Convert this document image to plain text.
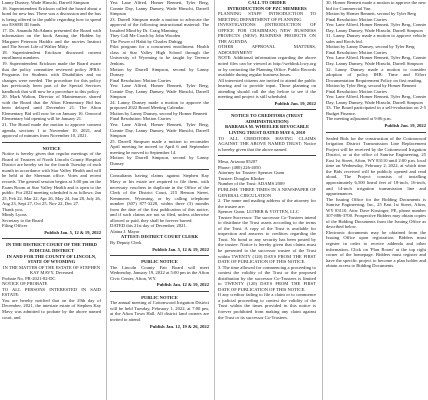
Lanny Dunsey, Wade Hinschi, Darrell Simpson

16. Superintendent Erickson called the board about a bond for new bus. There was a discussion and the bus is being offered to the public regarding how to spend our ESSER III funds.

17. Dr. Amanda McAdams presented the Board with information on the book Among the Hidden by Margaret Peterson Haddix and the movies Instinct and The Secret Life of Walter Mitty.

18. Superintendent Erickson discussed current enrollment numbers.

19. Superintendent Erickson made the Board aware that the policy committee reviewed policy JFBA: Programs for Students with Disabilities and no changes were needed. The procedure for this policy has previously been part of the Special Services handbook that will now be a procedure to this policy.

20. Mark Walton, Director of Maintenance, shared with the Board that the Alton Elementary Bid has been delayed until December 21. The Alton Elementary Bid will now be on January 16. Onwood Elementary bid opening will be January 21.

21. The Board made the motion to approve consent agenda, sections 1 to November 10, 2021, and approval of minutes from November 10, 2021.

NOTICE

Notice is hereby given that regular meetings of the Board of Trustees of North Lincoln County Hospital District are hereby set for the fourth Tuesday of each month in accordance with Star Valley Health and will be held at the Sherman office. Votes and recent records. The general session begins at 3:00 pm on the Exam Room at Star Valley Health and is open to the public. For 2022 meeting scheduled is as follows: Jan 25, Feb 22, Mar 22, Apr 26, May 24, Jun 28, July 26, Aug 23, Sept 27, Oct 25, Nov 22, Dec 27.

Thank you,

Mindy Lyons

Secretary to the Board

Filing Officer

Publish Jan. 5, 12 & 19, 2022

IN THE DISTRICT COURT OF THE THIRD JUDICIAL DISTRICT

IN AND FOR THE COUNTY OF LINCOLN, STATE OF WYOMING

IN THE MATTER OF THE ESTATE OF STEPHEN KAY MAVY, Deceased

Probate No. PR-2021-82-DC

NOTICE OF PROBATE

TO ALL PERSONS INTERESTED IN SAID ESTATE:

You are hereby notified that on the 29th day of December, 2021, the intestate estate of Stephen Kay Mavy was admitted to probate by the above named court, and

Yea: Lane Alfred, Homer Bennett, Tyler Berg, Connie Day, Lanny Dunsey, Wade Hinschi, Darrell Simpson

23. Darrell Simpson made a motion to advocate the approval of the following instructional material: The Insulted Mind by Dr. Craig Manning

They Call Me Coach by John Wooden

The Power of Habit by Charles Duhigg

Pilot program for a concurrent enrollment: Health class at Star Valley High School through the University of Wyoming to be taught by Terence Jenkins.

Motion by Darrell Simpson, second by Lanny Dunsey

Final Resolution: Motion Carries

Yea: Lane Alfred, Homer Bennett, Tyler Berg, Connie Day, Lanny Dunsey, Wade Hinschi, Darrell Simpson

24. Lanny Dunsey made a motion to approve the proposed 2022 Board Meeting Calendar.

Motion by Lanny Dunsey, second by Homer Bennett

Final Resolution: Motion Carries

Yea: Lane Alfred, Homer Bennett, Tyler Berg, Connie Day, Lanny Dunsey, Wade Hinschi, Darrell Simpson

25. Darrell Simpson made a motion to reconsider April meeting be moved to April 6 and September meeting be moved to September 14.

Motion by Darrell Simpson, second by Lanny Dunsey

Consultants having claims against Stephen Kay Mavy or his estate are required to file them, with necessary vouchers in duplicate in the Office of the Clerk of the District Court, 215 Benson Street, Kemmerer, Wyoming, or by calling telephone number (307) 877-3228, within three (3) months from the date of the first publication of this notice, and if such claims are not so filed, unless otherwise allowed or paid, they shall be forever barred.

DATED this 21st day of December, 2021.

Alaina J. Mayor

ATTEST: DISTRICT COURT CLERK

By Deputy Clerk

Publish Jan. 5, 12 & 19, 2022

PUBLIC NOTICE

The Lincoln County Fair Board will meet Wednesday, January 19, 2022 at 5:00 pm in the Afton Civic Center, Afton, WY.

Publish Jan. 12 & 19, 2022

PUBLIC NOTICE

The annual meeting of Cottonwood Irrigation District will be held Tuesday, February 1, 2022, at 7:00 pm, at the Afton Town Hall. All district land owners are invited to attend.

Publish Jan. 12, 19 & 26, 2022

CALL TO ORDER

INTRODUCTION OF PZC MEMBERS

PLANNING STAFF INTRODUCTION TO MEETING DEPARTMENT OF PLANNING

INVESTIGATIONS (INTRODUCTION OF OFFICE FOR CHAIRMAN) NEW BUSINESS PROJECTS (NEW) BUSINESS PROJECTS ON THE AGENDA

OTHER APPROVAL MATTERS, ADJOURNMENT

NOTE: Additional information regarding the above noted files can be viewed at http://weblink.lcwy.org or by contacting the Planning Office. Public Records available during regular business hours.

All interested citizens are invited to attend the public hearing and to provide input. Those planning on attending should call the day before to see if the meeting and project is still scheduled.

Publish Jan. 19, 2022

NOTICE TO CREDITORS (TRUST ADMINISTRATION)

BARBARA M. WHEELER REVOCABLE LIVING TRUST DATED MAY 6, 2010

TO ALL CREDITORS HAVING CLAIMS AGAINST THE ABOVE NAMED TRUST: Notice is hereby given that the above named

Mesa, Arizona 85207

Phone: (480) 226-4050

Attorney for Trustee: Spencer Gunn

Trustee: Douglas Klinker

Number of the Trust: ADAMS 2009

PUBLISH: THREE TIMES IN A NEWSPAPER OF GENERAL CIRCULATION

2. The name and mailing address of the attorney for the trustee are:

Spencer Gunn, LLTHER & VOTTEN, LLC

Trustee Successor: The successor Co-Trustees intend to distribute the Trust assets according to the terms of the Trust. A copy of the Trust is available for inspection and answers to creditors regarding the Trust. No bond or any security has been posted by the trustee. Notice is hereby given that claims must be presented to the successor trustee of the Trust within TWENTY (120) DAYS FROM THE FIRST DATE OF PUBLICATION OF THIS NOTICE.

3. The time allowed for commencing a proceeding to contest the validity of the Trust or the proposed distribution by the successor Co-Trustees is limited to TWENTY (120) DAYS FROM THE FIRST DATE OF PUBLICATION OF THIS NOTICE.

If any creditor failing to file a claim or to commence a judicial proceeding to contest the validity of the Trust within the times provided in this notice is forever prohibited from making any claim against the Trust or its successor Co-Trustees.

30. Homer Bennett made a motion to approve the new bid for Commercial Van.

Motion by Homer Bennett, second by Tyler Berg

Final Resolution: Motion Carries

Yea: Lane Alfred, Homer Bennett, Tyler Berg, Connie Day, Lanny Dunsey, Wade Hinschi, Darrell Simpson

31. Lanny Dunsey made a motion to approve vehicle sales and Roofs bid.

Motion by Lanny Dunsey, second by Tyler Berg

Final Resolution: Motion Carries

Yea: Lane Alfred, Homer Bennett, Tyler Berg, Connie Day, Lanny Dunsey, Wade Hinschi, Darrell Simpson

32. Lanny Dunsey made a motion to consider adoption of policy IHB: Time and Effort Documentation Requirement Policy on first reading.

Motion by Tyler Berg, second by Homer Bennett

Final Resolution: Motion Carries

Yea: Lane Alfred, Homer Bennett, Tyler Berg, Connie Day, Lanny Dunsey, Wade Hinschi, Darrell Simpson

33. The Board participated in a self-evaluation on 2-5 Budget Finance.

The meeting adjourned at 9:06 p.m.

Publish Jan. 19, 2022

Sealed Bids for the construction of the Cottonwood Irrigation District Transmission Line Replacement Project will be received by the Cottonwood Irrigation District, or at the office of Sunrise Engineering, 25 East 1st Street, Afton, WY 83110 until 2:00 p.m. local time on Wednesday, February 2, 2022, at which time the Bids received will be publicly opened and read aloud. The Project consists of installing approximately 6,500 lineal feet of 18-inch, 16-inch, and 14-inch irrigation transmission line and appurtenances.

The Issuing Office for the Bidding Documents is Sunrise Engineering, Inc., 25 East 1st Street, Afton, WY 83110, Attn: Dave Kissinger, PE, phone number 307-886-3700. Prospective Bidders may obtain copies of the Bidding Documents from the Issuing Office as described below.

Electronic documents may be obtained from the Issuing Office upon registration. Bidders must register in order to receive addenda and other information. Click on 'Plan Room' at the top right corner of the homepage. Bidders must register and have the specific project to become a plan holder and obtain access to Bidding Documents.
